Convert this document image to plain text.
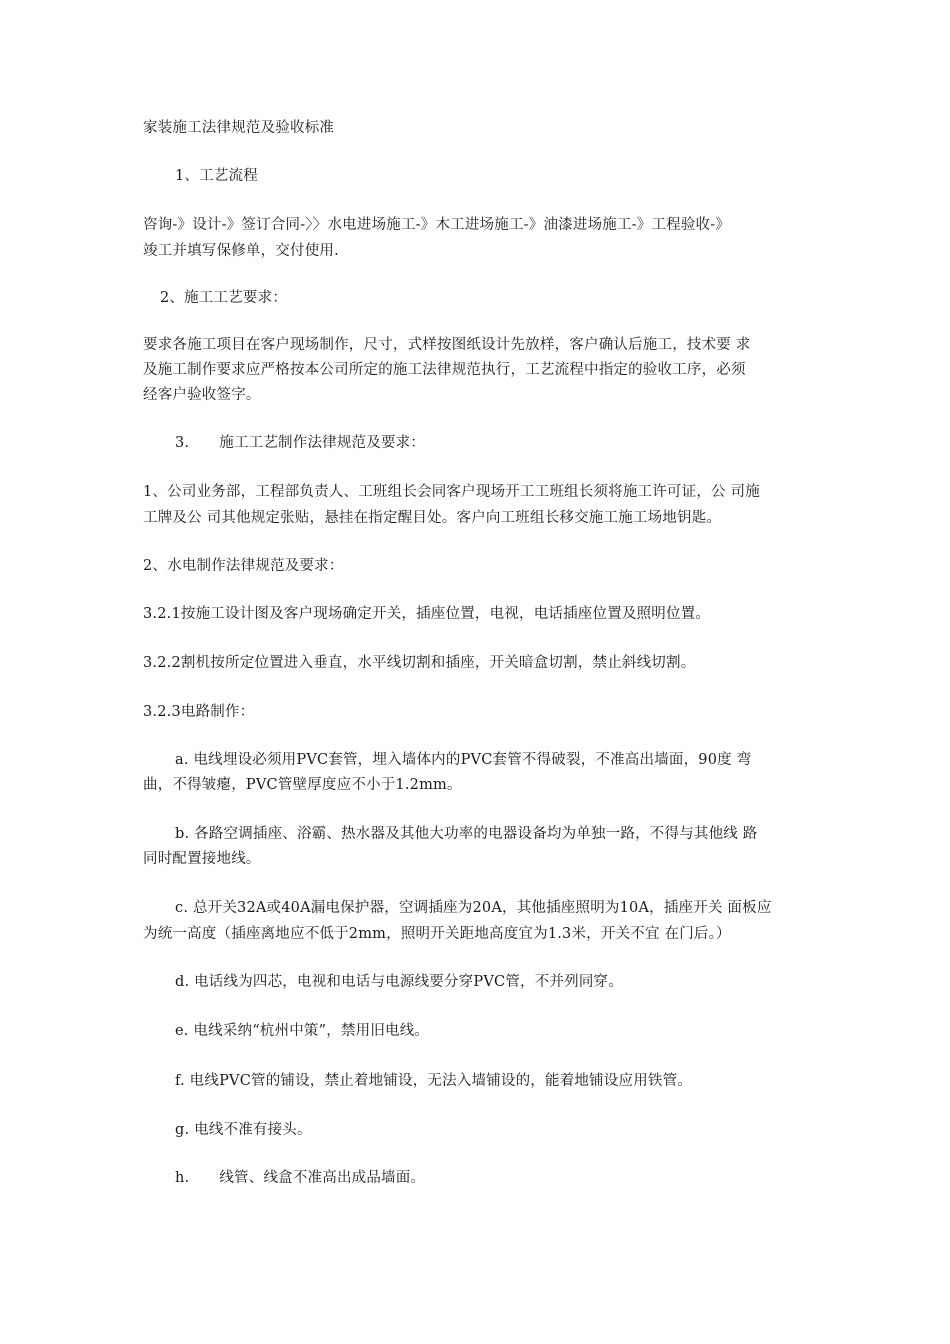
家装施工法律规范及验收标准
1、工艺流程
咨询-》设计-》签订合同-〉〉水电进场施工-》木工进场施工-》油漆进场施工-》工程验收-》
竣工并填写保修单，交付使用.
2、施工工艺要求：
要求各施工项目在客户现场制作，尺寸，式样按图纸设计先放样，客户确认后施工，技术要 求
及施工制作要求应严格按本公司所定的施工法律规范执行，工艺流程中指定的验收工序，必须
经客户验收签字。
3. 施工工艺制作法律规范及要求：
1、公司业务部，工程部负责人、工班组长会同客户现场开工工班组长须将施工许可证，公 司施
工牌及公 司其他规定张贴，悬挂在指定醒目处。客户向工班组长移交施工施工场地钥匙。
2、水电制作法律规范及要求：
3.2.1按施工设计图及客户现场确定开关，插座位置，电视，电话插座位置及照明位置。
3.2.2割机按所定位置进入垂直，水平线切割和插座，开关暗盒切割，禁止斜线切割。
3.2.3电路制作：
a. 电线埋设必须用PVC套管，埋入墙体内的PVC套管不得破裂，不准高出墙面，90度 弯
曲，不得皱瘪，PVC管壁厚度应不小于1.2mm。
b. 各路空调插座、浴霸、热水器及其他大功率的电器设备均为单独一路，不得与其他线 路
同时配置接地线。
c. 总开关32A或40A漏电保护器，空调插座为20A，其他插座照明为10A，插座开关 面板应
为统一高度（插座离地应不低于2mm，照明开关距地高度宜为1.3米，开关不宜 在门后。）
d. 电话线为四芯，电视和电话与电源线要分穿PVC管，不并列同穿。
e. 电线采纳“杭州中策”，禁用旧电线。
f. 电线PVC管的铺设，禁止着地铺设，无法入墙铺设的，能着地铺设应用铁管。
g. 电线不准有接头。
h. 线管、线盒不准高出成品墙面。
